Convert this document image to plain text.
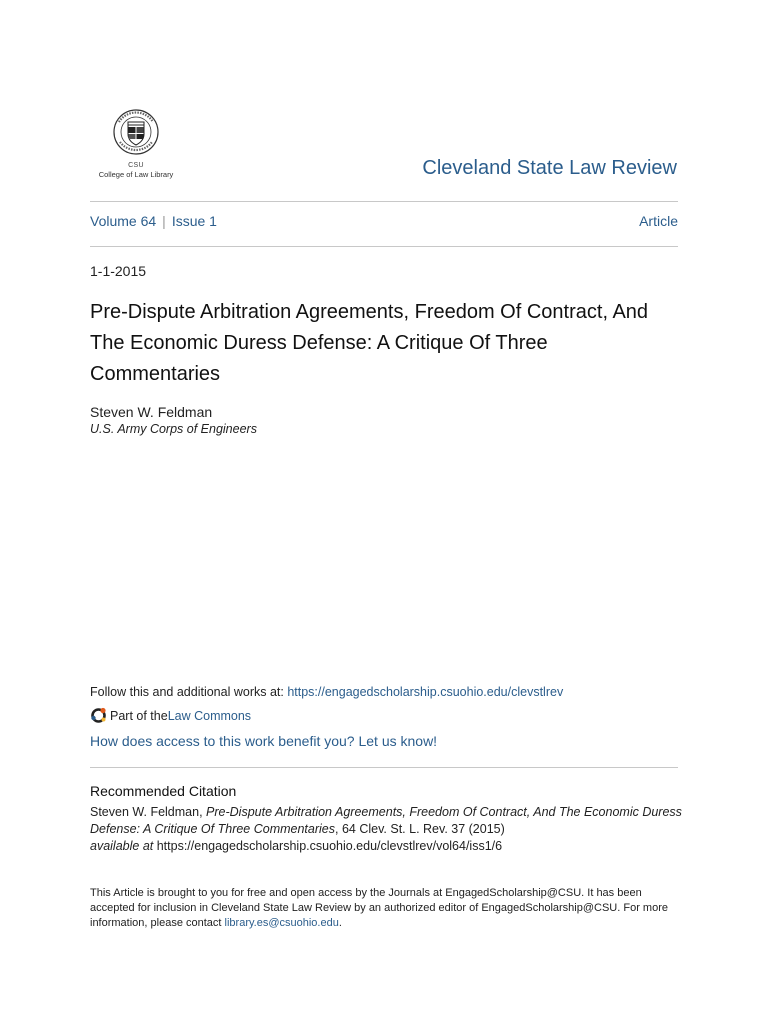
CSU
College of Law Library	Cleveland State Law Review
Volume 64 | Issue 1	Article
1-1-2015
Pre-Dispute Arbitration Agreements, Freedom Of Contract, And The Economic Duress Defense: A Critique Of Three Commentaries
Steven W. Feldman
U.S. Army Corps of Engineers
Follow this and additional works at: https://engagedscholarship.csuohio.edu/clevstlrev
Part of the Law Commons
How does access to this work benefit you? Let us know!
Recommended Citation
Steven W. Feldman, Pre-Dispute Arbitration Agreements, Freedom Of Contract, And The Economic Duress Defense: A Critique Of Three Commentaries, 64 Clev. St. L. Rev. 37 (2015)
available at https://engagedscholarship.csuohio.edu/clevstlrev/vol64/iss1/6
This Article is brought to you for free and open access by the Journals at EngagedScholarship@CSU. It has been accepted for inclusion in Cleveland State Law Review by an authorized editor of EngagedScholarship@CSU. For more information, please contact library.es@csuohio.edu.
